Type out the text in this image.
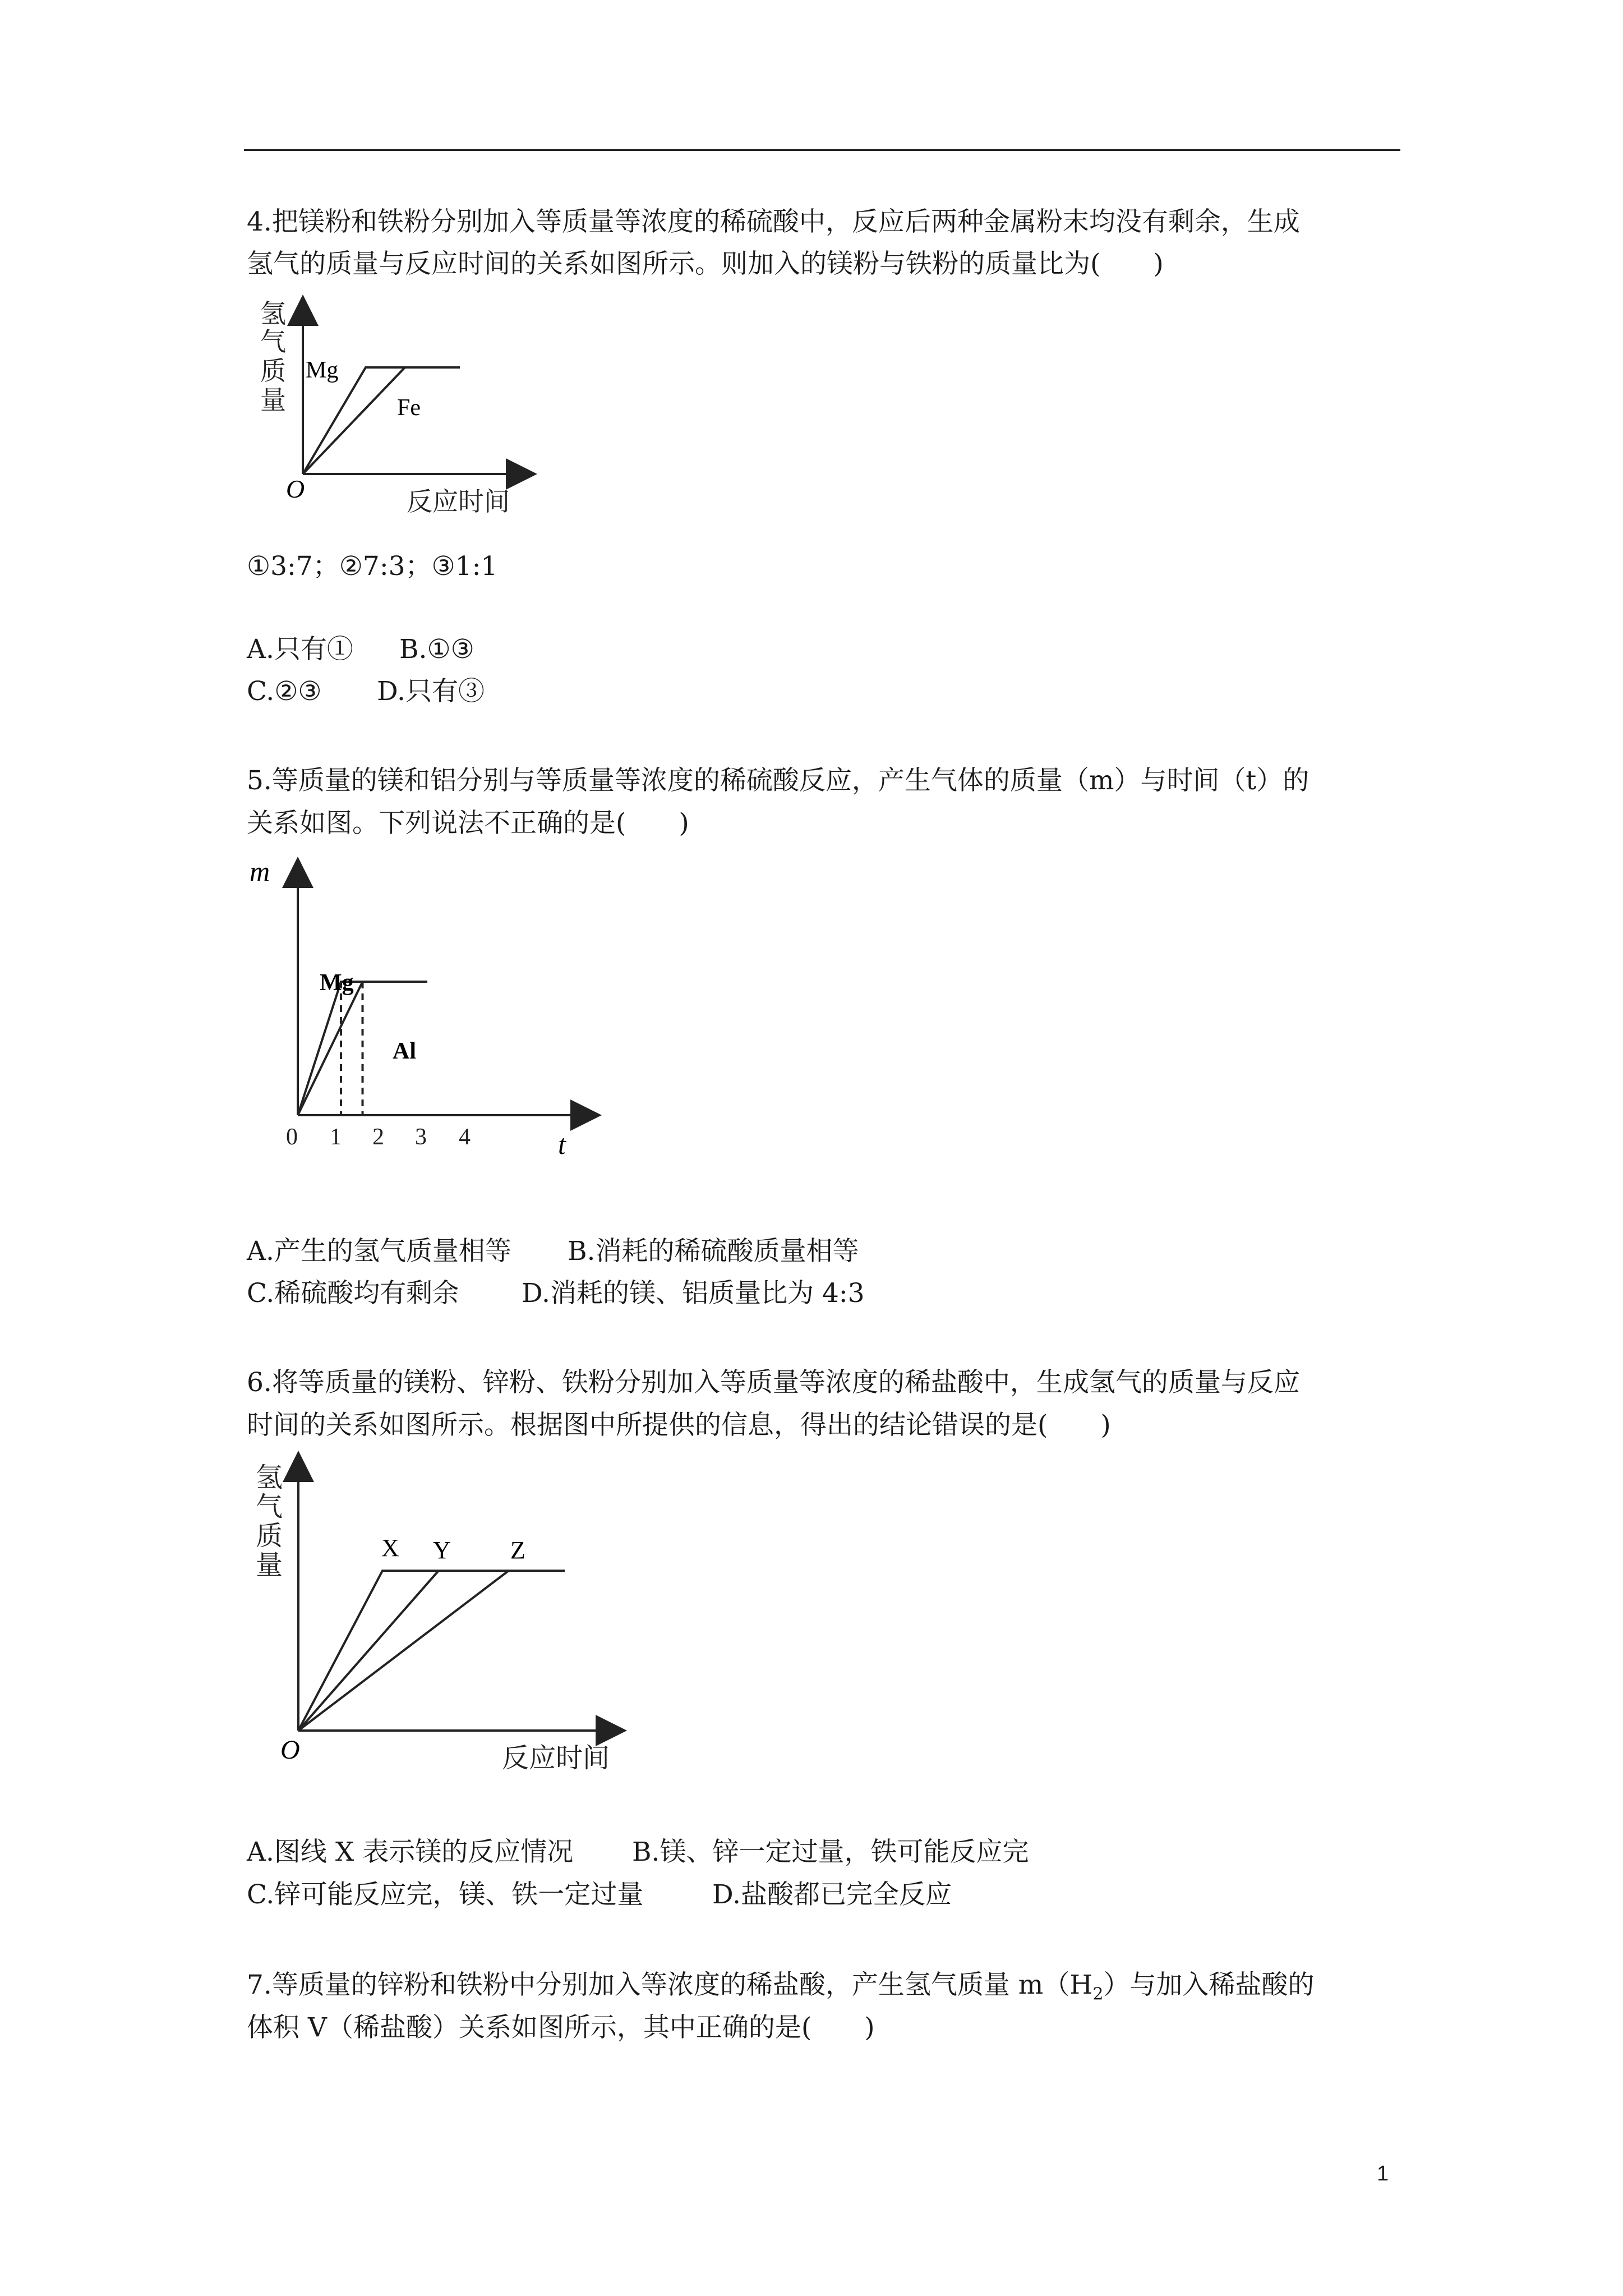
4.把镁粉和铁粉分别加入等质量等浓度的稀硫酸中，反应后两种金属粉末均没有剩余，生成
氢气的质量与反应时间的关系如图所示。则加入的镁粉与铁粉的质量比为(　　)
氢
气
质
量
反应时间
O
Mg
Fe
①3:7；②7:3；③1:1
A.只有① B.①③
C.②③ D.只有③
5.等质量的镁和铝分别与等质量等浓度的稀硫酸反应，产生气体的质量（m）与时间（t）的
关系如图。下列说法不正确的是(　　)
m
t
0 1 2 3 4
Mg
Al
A.产生的氢气质量相等 B.消耗的稀硫酸质量相等
C.稀硫酸均有剩余 D.消耗的镁、铝质量比为 4:3
6.将等质量的镁粉、锌粉、铁粉分别加入等质量等浓度的稀盐酸中，生成氢气的质量与反应
时间的关系如图所示。根据图中所提供的信息，得出的结论错误的是(　　)
氢
气
质
量
反应时间
O
X Y Z
A.图线 X 表示镁的反应情况 B.镁、锌一定过量，铁可能反应完
C.锌可能反应完，镁、铁一定过量	D.盐酸都已完全反应
7.等质量的锌粉和铁粉中分别加入等浓度的稀盐酸，产生氢气质量 $m(H_2)$与加入稀盐酸的
体积 V（稀盐酸）关系如图所示，其中正确的是(　　)
1
